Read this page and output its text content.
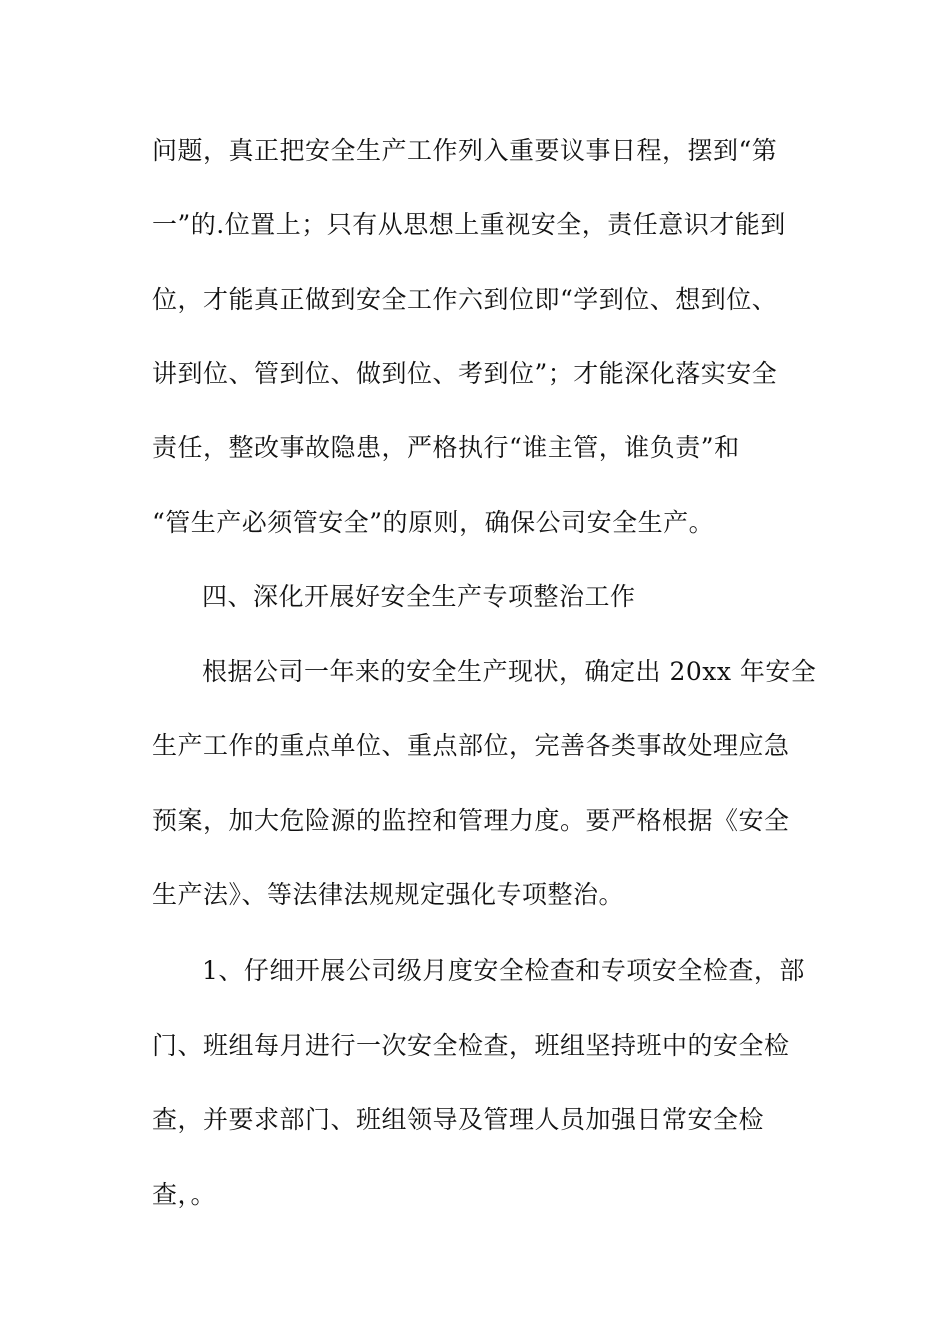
问题，真正把安全生产工作列入重要议事日程，摆到“第
一”的.位置上；只有从思想上重视安全，责任意识才能到
位，才能真正做到安全工作六到位即“学到位、想到位、
讲到位、管到位、做到位、考到位”；才能深化落实安全
责任，整改事故隐患，严格执行“谁主管，谁负责”和
“管生产必须管安全”的原则，确保公司安全生产。
四、深化开展好安全生产专项整治工作
根据公司一年来的安全生产现状，确定出 20xx 年安全
生产工作的重点单位、重点部位，完善各类事故处理应急
预案，加大危险源的监控和管理力度。要严格根据《安全
生产法》、等法律法规规定强化专项整治。
1、仔细开展公司级月度安全检查和专项安全检查，部
门、班组每月进行一次安全检查，班组坚持班中的安全检
查，并要求部门、班组领导及管理人员加强日常安全检
查，。
